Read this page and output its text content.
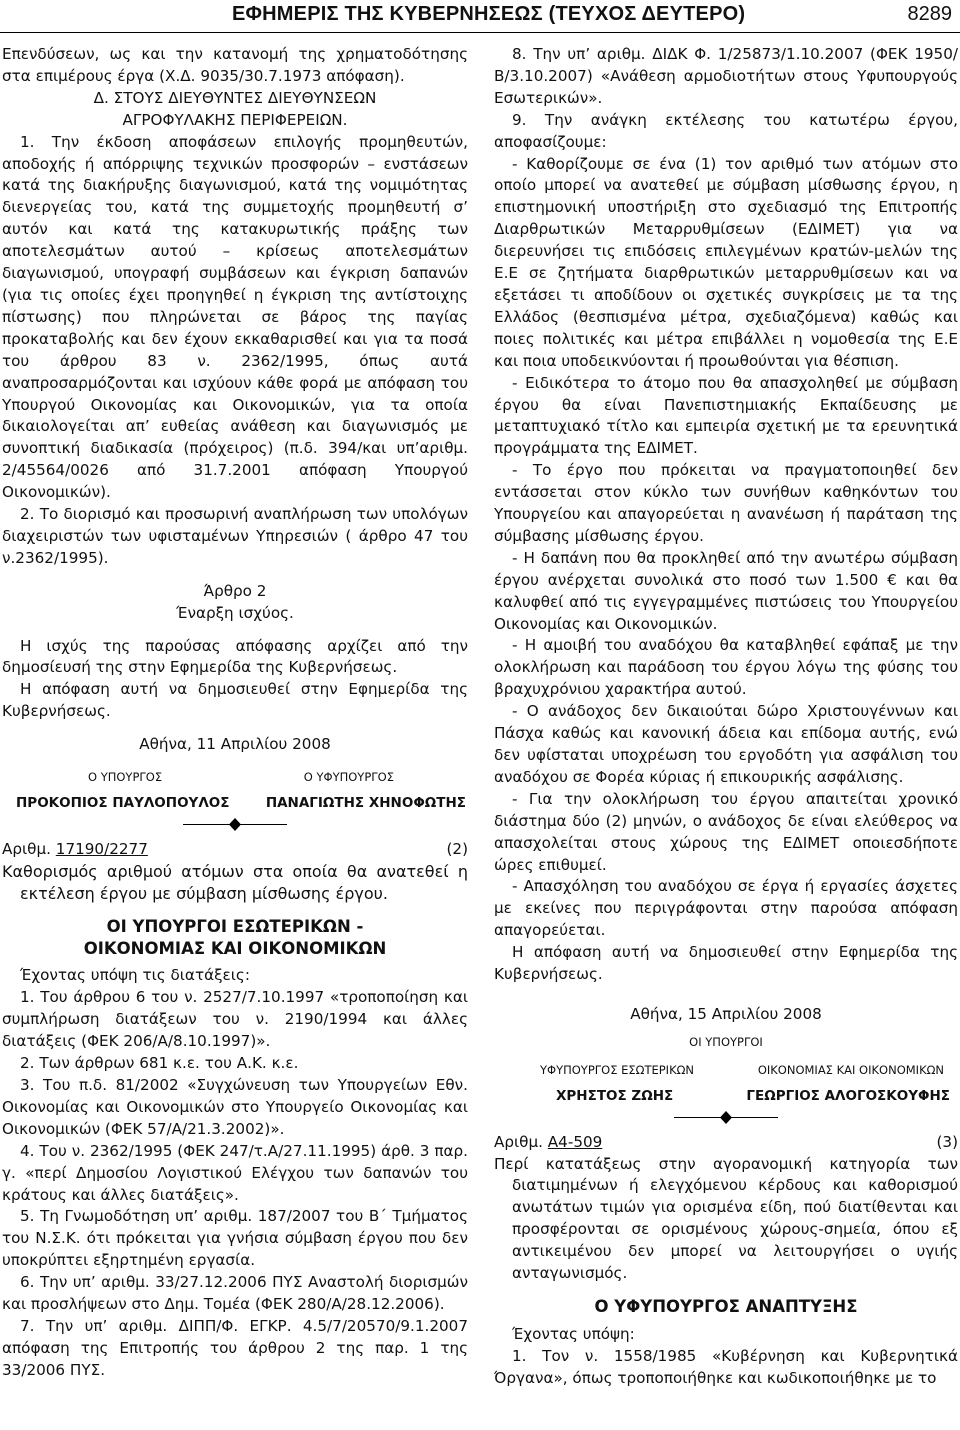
ΕΦΗΜΕΡΙΣ ΤΗΣ ΚΥΒΕΡΝΗΣΕΩΣ (ΤΕΥΧΟΣ ΔΕΥΤΕΡΟ)	8289

Επενδύσεων, ως και την κατανομή της χρηματοδότησης στα επιμέρους έργα (Χ.Δ. 9035/30.7.1973 απόφαση).

Δ. ΣΤΟΥΣ ΔΙΕΥΘΥΝΤΕΣ ΔΙΕΥΘΥΝΣΕΩΝ

ΑΓΡΟΦΥΛΑΚΗΣ ΠΕΡΙΦΕΡΕΙΩΝ.

1. Την έκδοση αποφάσεων επιλογής προμηθευτών, αποδοχής ή απόρριψης τεχνικών προσφορών – ενστάσεων κατά της διακήρυξης διαγωνισμού, κατά της νομιμότητας διενεργείας του, κατά της συμμετοχής προμηθευτή σ’ αυτόν και κατά της κατακυρωτικής πράξης των αποτελεσμάτων αυτού – κρίσεως αποτελεσμάτων διαγωνισμού, υπογραφή συμβάσεων και έγκριση δαπανών (για τις οποίες έχει προηγηθεί η έγκριση της αντίστοιχης πίστωσης) που πληρώνεται σε βάρος της παγίας προκαταβολής και δεν έχουν εκκαθαρισθεί και για τα ποσά του άρθρου 83 ν. 2362/1995, όπως αυτά αναπροσαρμόζονται και ισχύουν κάθε φορά με απόφαση του Υπουργού Οικονομίας και Οικονομικών, για τα οποία δικαιολογείται απ’ ευθείας ανάθεση και διαγωνισμός με συνοπτική διαδικασία (πρόχειρος) (π.δ. 394/και υπ’αριθμ. 2/45564/0026 από 31.7.2001 απόφαση Υπουργού Οικονομικών).

2. Το διορισμό και προσωρινή αναπλήρωση των υπολόγων διαχειριστών των υφισταμένων Υπηρεσιών ( άρθρο 47 του ν.2362/1995).

Άρθρο 2

Έναρξη ισχύος.

Η ισχύς της παρούσας απόφασης αρχίζει από την δημοσίευσή της στην Εφημερίδα της Κυβερνήσεως.

Η απόφαση αυτή να δημοσιευθεί στην Εφημερίδα της Κυβερνήσεως.

Αθήνα, 11 Απριλίου 2008

Ο ΥΠΟΥΡΓΟΣ	Ο ΥΦΥΠΟΥΡΓΟΣ
ΠΡΟΚΟΠΙΟΣ ΠΑΥΛΟΠΟΥΛΟΣ	ΠΑΝΑΓΙΩΤΗΣ ΧΗΝΟΦΩΤΗΣ
Αριθμ. 17190/2277	(2)

Καθορισμός αριθμού ατόμων στα οποία θα ανατεθεί η εκτέλεση έργου με σύμβαση μίσθωσης έργου.

ΟΙ ΥΠΟΥΡΓΟΙ ΕΣΩΤΕΡΙΚΩΝ -

ΟΙΚΟΝΟΜΙΑΣ ΚΑΙ ΟΙΚΟΝΟΜΙΚΩΝ

Έχοντας υπόψη τις διατάξεις:

1. Του άρθρου 6 του ν. 2527/7.10.1997 «τροποποίηση και συμπλήρωση διατάξεων του ν. 2190/1994 και άλλες διατάξεις (ΦΕΚ 206/Α/8.10.1997)».

2. Των άρθρων 681 κ.ε. του Α.Κ. κ.ε.

3. Του π.δ. 81/2002 «Συγχώνευση των Υπουργείων Εθν. Οικονομίας και Οικονομικών στο Υπουργείο Οικονομίας και Οικονομικών (ΦΕΚ 57/Α/21.3.2002)».

4. Του ν. 2362/1995 (ΦΕΚ 247/τ.Α/27.11.1995) άρθ. 3 παρ. γ. «περί Δημοσίου Λογιστικού Ελέγχου των δαπανών του κράτους και άλλες διατάξεις».

5. Τη Γνωμοδότηση υπ’ αριθμ. 187/2007 του Β΄ Τμήματος του Ν.Σ.Κ. ότι πρόκειται για γνήσια σύμβαση έργου που δεν υποκρύπτει εξηρτημένη εργασία.

6. Την υπ’ αριθμ. 33/27.12.2006 ΠΥΣ Αναστολή διορισμών και προσλήψεων στο Δημ. Τομέα (ΦΕΚ 280/Α/28.12.2006).

7. Την υπ’ αριθμ. ΔΙΠΠ/Φ. ΕΓΚΡ. 4.5/7/20570/9.1.2007 απόφαση της Επιτροπής του άρθρου 2 της παρ. 1 της 33/2006 ΠΥΣ.

8. Την υπ’ αριθμ. ΔΙΔΚ Φ. 1/25873/1.10.2007 (ΦΕΚ 1950/Β/3.10.2007) «Ανάθεση αρμοδιοτήτων στους Υφυπουργούς Εσωτερικών».

9. Την ανάγκη εκτέλεσης του κατωτέρω έργου, αποφασίζουμε:

- Καθορίζουμε σε ένα (1) τον αριθμό των ατόμων στο οποίο μπορεί να ανατεθεί με σύμβαση μίσθωσης έργου, η επιστημονική υποστήριξη στο σχεδιασμό της Επιτροπής Διαρθρωτικών Μεταρρυθμίσεων (ΕΔΙΜΕΤ) για να διερευνήσει τις επιδόσεις επιλεγμένων κρατών-μελών της Ε.Ε σε ζητήματα διαρθρωτικών μεταρρυθμίσεων και να εξετάσει τι αποδίδουν οι σχετικές συγκρίσεις με τα της Ελλάδος (θεσπισμένα μέτρα, σχεδιαζόμενα) καθώς και ποιες πολιτικές και μέτρα επιβάλλει η νομοθεσία της Ε.Ε και ποια υποδεικνύονται ή προωθούνται για θέσπιση.

- Ειδικότερα το άτομο που θα απασχοληθεί με σύμβαση έργου θα είναι Πανεπιστημιακής Εκπαίδευσης με μεταπτυχιακό τίτλο και εμπειρία σχετική με τα ερευνητικά προγράμματα της ΕΔΙΜΕΤ.

- Το έργο που πρόκειται να πραγματοποιηθεί δεν εντάσσεται στον κύκλο των συνήθων καθηκόντων του Υπουργείου και απαγορεύεται η ανανέωση ή παράταση της σύμβασης μίσθωσης έργου.

- Η δαπάνη που θα προκληθεί από την ανωτέρω σύμβαση έργου ανέρχεται συνολικά στο ποσό των 1.500 € και θα καλυφθεί από τις εγγεγραμμένες πιστώσεις του Υπουργείου Οικονομίας και Οικονομικών.

- Η αμοιβή του αναδόχου θα καταβληθεί εφάπαξ με την ολοκλήρωση και παράδοση του έργου λόγω της φύσης του βραχυχρόνιου χαρακτήρα αυτού.

- Ο ανάδοχος δεν δικαιούται δώρο Χριστουγέννων και Πάσχα καθώς και κανονική άδεια και επίδομα αυτής, ενώ δεν υφίσταται υποχρέωση του εργοδότη για ασφάλιση του αναδόχου σε Φορέα κύριας ή επικουρικής ασφάλισης.

- Για την ολοκλήρωση του έργου απαιτείται χρονικό διάστημα δύο (2) μηνών, ο ανάδοχος δε είναι ελεύθερος να απασχολείται στους χώρους της ΕΔΙΜΕΤ οποιεσδήποτε ώρες επιθυμεί.

- Απασχόληση του αναδόχου σε έργα ή εργασίες άσχετες με εκείνες που περιγράφονται στην παρούσα απόφαση απαγορεύεται.

Η απόφαση αυτή να δημοσιευθεί στην Εφημερίδα της Κυβερνήσεως.

Αθήνα, 15 Απριλίου 2008

ΟΙ ΥΠΟΥΡΓΟΙ

ΥΦΥΠΟΥΡΓΟΣ ΕΣΩΤΕΡΙΚΩΝ	ΟΙΚΟΝΟΜΙΑΣ ΚΑΙ ΟΙΚΟΝΟΜΙΚΩΝ
ΧΡΗΣΤΟΣ ΖΩΗΣ	ΓΕΩΡΓΙΟΣ ΑΛΟΓΟΣΚΟΥΦΗΣ
Αριθμ. Α4-509	(3)

Περί κατατάξεως στην αγορανομική κατηγορία των διατιμημένων ή ελεγχόμενου κέρδους και καθορισμού ανωτάτων τιμών για ορισμένα είδη, πού διατίθενται και προσφέρονται σε ορισμένους χώρους-σημεία, όπου εξ αντικειμένου δεν μπορεί να λειτουργήσει ο υγιής ανταγωνισμός.

Ο ΥΦΥΠΟΥΡΓΟΣ ΑΝΑΠΤΥΞΗΣ

Έχοντας υπόψη:

1. Τον ν. 1558/1985 «Κυβέρνηση και Κυβερνητικά Όργανα», όπως τροποποιήθηκε και κωδικοποιήθηκε με το
